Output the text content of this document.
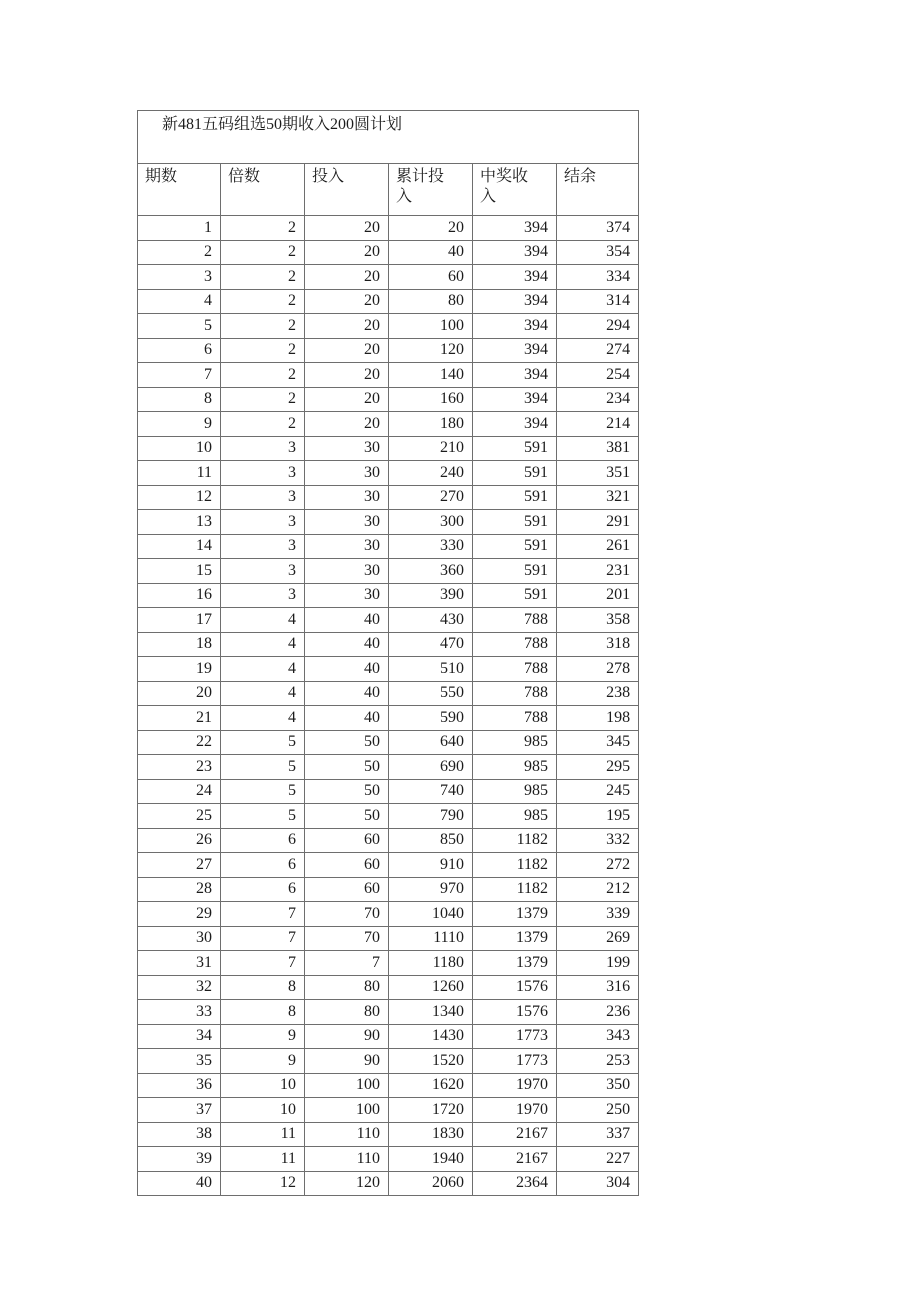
新481五码组选50期收入200圆计划					
期数	倍数	投入	累计投入	中奖收入	结余
1	2	20	20	394	374
2	2	20	40	394	354
3	2	20	60	394	334
4	2	20	80	394	314
5	2	20	100	394	294
6	2	20	120	394	274
7	2	20	140	394	254
8	2	20	160	394	234
9	2	20	180	394	214
10	3	30	210	591	381
11	3	30	240	591	351
12	3	30	270	591	321
13	3	30	300	591	291
14	3	30	330	591	261
15	3	30	360	591	231
16	3	30	390	591	201
17	4	40	430	788	358
18	4	40	470	788	318
19	4	40	510	788	278
20	4	40	550	788	238
21	4	40	590	788	198
22	5	50	640	985	345
23	5	50	690	985	295
24	5	50	740	985	245
25	5	50	790	985	195
26	6	60	850	1182	332
27	6	60	910	1182	272
28	6	60	970	1182	212
29	7	70	1040	1379	339
30	7	70	1110	1379	269
31	7	7	1180	1379	199
32	8	80	1260	1576	316
33	8	80	1340	1576	236
34	9	90	1430	1773	343
35	9	90	1520	1773	253
36	10	100	1620	1970	350
37	10	100	1720	1970	250
38	11	110	1830	2167	337
39	11	110	1940	2167	227
40	12	120	2060	2364	304
